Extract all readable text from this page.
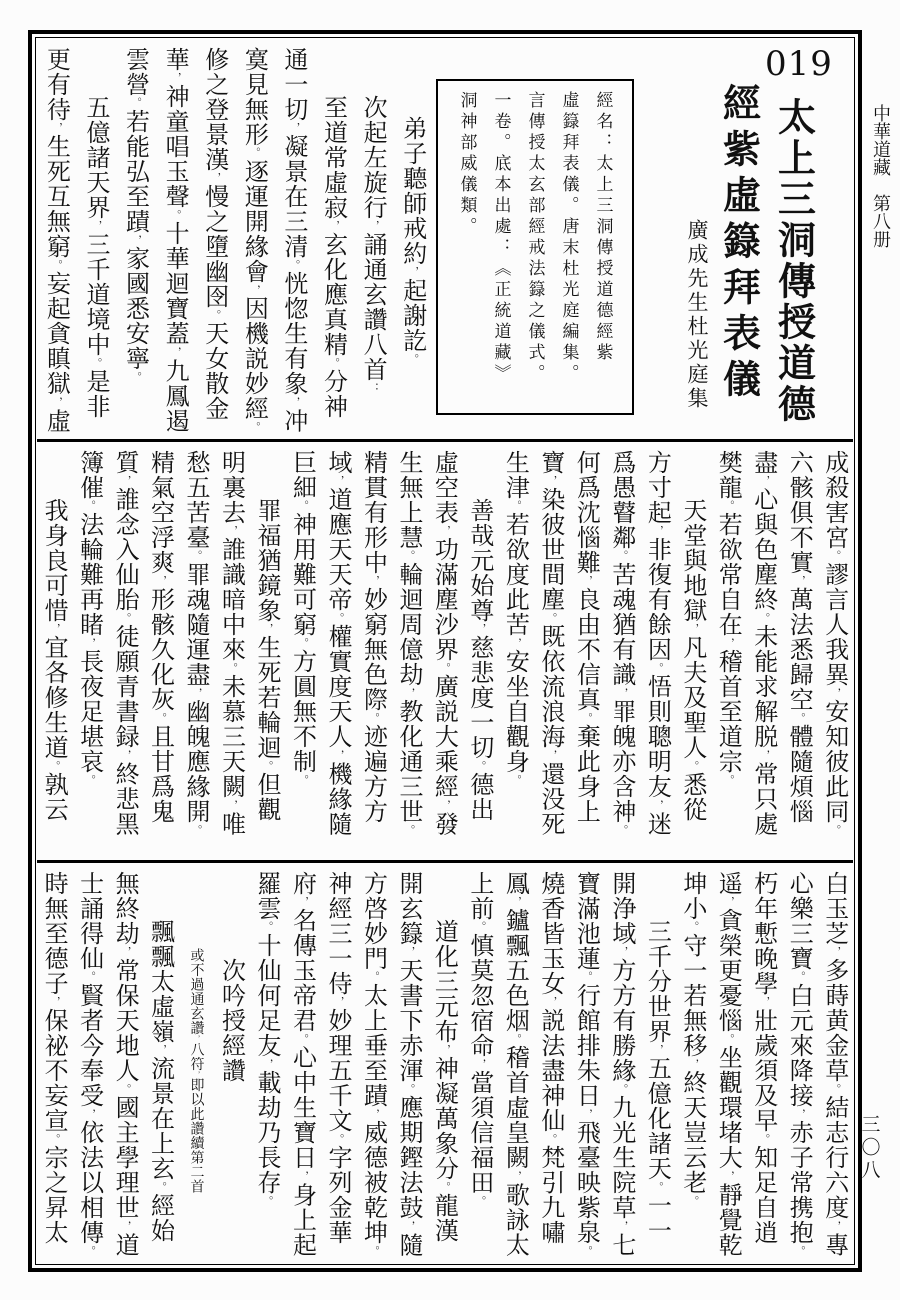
中華道藏　第八册
三〇八
019
太上三洞傳授道德
經紫虛籙拜表儀
廣成先生杜光庭集
經名：太上三洞傳授道德經紫
虛籙拜表儀。唐末杜光庭編集。
言傳授太玄部經戒法籙之儀式。
一卷。底本出處：《正統道藏》
洞神部威儀類。
弟子聽師戒約，起謝訖。
次起左旋行，誦通玄讚八首：
至道常虛寂，玄化應真精。分神
通一切，凝景在三清。恍惚生有象，冲
寞見無形。逐運開緣會，因機説妙經。
修之登景漢，慢之墮幽囹。天女散金
華，神童唱玉聲。十華迴寶蓋，九鳳遏
雲營。若能弘至蹟，家國悉安寧。
五億諸天界，三千道境中。是非
更有待，生死互無窮。妄起貪瞋獄，虛
成殺害宮。謬言人我異，安知彼此同。
六骸俱不實，萬法悉歸空。體隨煩惱
盡，心與色塵終。未能求解脱，常只處
樊龍。若欲常自在，稽首至道宗。
天堂與地獄，凡夫及聖人。悉從
方寸起，非復有餘因。悟則聰明友，迷
爲愚瞽鄰。苦魂猶有識，罪魄亦含神。
何爲沈惱難，良由不信真。棄此身上
寶，染彼世間塵。既依流浪海，還没死
生津。若欲度此苦，安坐自觀身。
善哉元始尊，慈悲度一切。德出
虛空表，功滿塵沙界。廣説大乘經，發
生無上慧。輪迴周億劫，教化通三世。
精貫有形中，妙窮無色際。迹遍方方
域，道應天天帝。權實度天人，機緣隨
巨細。神用難可窮。方圓無不制。
罪福猶鏡象，生死若輪迴。但觀
明裏去，誰識暗中來。未慕三天闕，唯
愁五苦臺。罪魂隨運盡，幽魄應緣開。
精氣空浮爽，形骸久化灰。且甘爲鬼
質，誰念入仙胎。徒願青書録，終悲黑
簿催。法輪難再睹，長夜足堪哀。
我身良可惜，宜各修生道。孰云
白玉芝，多蒔黄金草。結志行六度，專
心樂三寶。白元來降接，赤子常携抱。
朽年慙晚學，壯歲須及早。知足自逍
遥，貪榮更憂惱。坐觀環堵大，靜覺乾
坤小。守一若無移，終天豈云老。
三千分世界，五億化諸天。一一
開浄域，方方有勝緣。九光生院草，七
寶滿池蓮。行館排朱日，飛臺映紫泉。
燒香皆玉女，説法盡神仙。梵引九嘯
鳳，鑪飄五色烟。稽首虛皇闕，歌詠太
上前。慎莫忽宿命，當須信福田。
道化三元布，神凝萬象分。龍漢
開玄籙，天書下赤渾。應期鏗法鼓，隨
方啓妙門。太上垂至蹟，威德被乾坤。
神經三一侍，妙理五千文。字列金華
府，名傳玉帝君。心中生寶日，身上起
羅雲。十仙何足友，載劫乃長存。
次吟授經讚
或不過通玄讚，八符，即以此讚續第二首
飄飄太虛嶺，流景在上玄。經始
無終劫，常保天地人。國主學理世，道
士誦得仙。賢者今奉受，依法以相傳。
時無至德子，保祕不妄宣。宗之昇太
